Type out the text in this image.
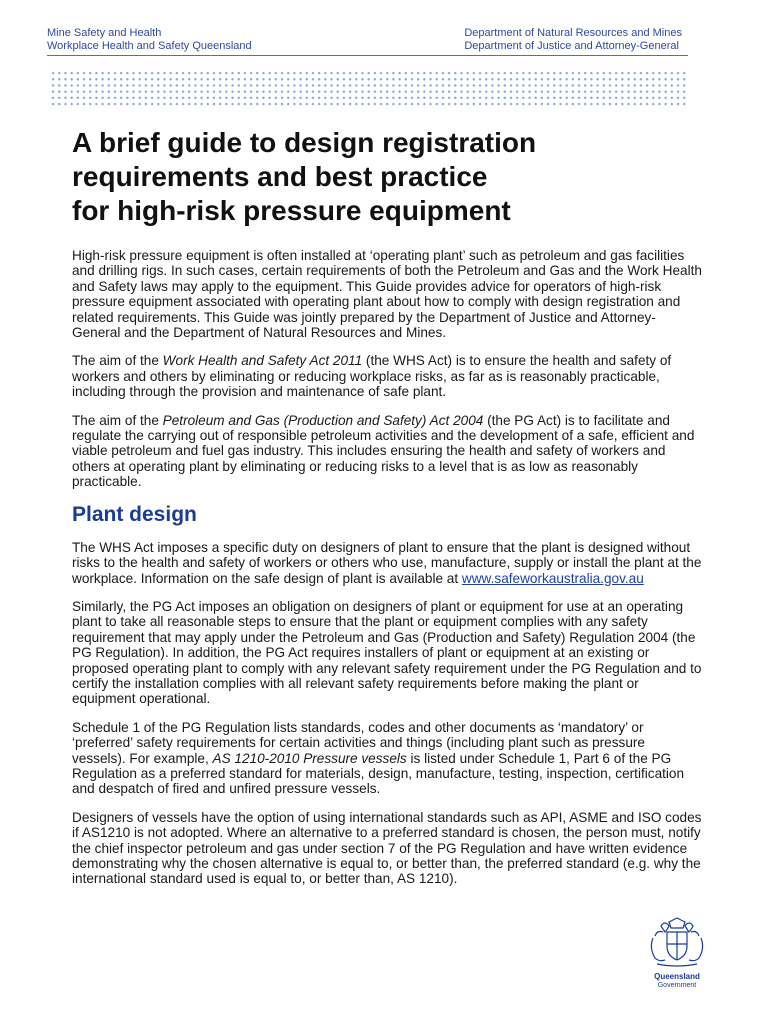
Mine Safety and Health
Workplace Health and Safety Queensland
Department of Natural Resources and Mines
Department of Justice and Attorney-General
A brief guide to design registration
requirements and best practice
for high-risk pressure equipment

High-risk pressure equipment is often installed at ‘operating plant’ such as petroleum and gas facilities and drilling rigs. In such cases, certain requirements of both the Petroleum and Gas and the Work Health and Safety laws may apply to the equipment. This Guide provides advice for operators of high-risk pressure equipment associated with operating plant about how to comply with design registration and related requirements. This Guide was jointly prepared by the Department of Justice and Attorney-General and the Department of Natural Resources and Mines.

The aim of the Work Health and Safety Act 2011 (the WHS Act) is to ensure the health and safety of workers and others by eliminating or reducing workplace risks, as far as is reasonably practicable, including through the provision and maintenance of safe plant.

The aim of the Petroleum and Gas (Production and Safety) Act 2004 (the PG Act) is to facilitate and regulate the carrying out of responsible petroleum activities and the development of a safe, efficient and viable petroleum and fuel gas industry. This includes ensuring the health and safety of workers and others at operating plant by eliminating or reducing risks to a level that is as low as reasonably practicable.

Plant design

The WHS Act imposes a specific duty on designers of plant to ensure that the plant is designed without risks to the health and safety of workers or others who use, manufacture, supply or install the plant at the workplace. Information on the safe design of plant is available at www.safeworkaustralia.gov.au

Similarly, the PG Act imposes an obligation on designers of plant or equipment for use at an operating plant to take all reasonable steps to ensure that the plant or equipment complies with any safety requirement that may apply under the Petroleum and Gas (Production and Safety) Regulation 2004 (the PG Regulation). In addition, the PG Act requires installers of plant or equipment at an existing or proposed operating plant to comply with any relevant safety requirement under the PG Regulation and to certify the installation complies with all relevant safety requirements before making the plant or equipment operational.

Schedule 1 of the PG Regulation lists standards, codes and other documents as ‘mandatory’ or ‘preferred’ safety requirements for certain activities and things (including plant such as pressure vessels). For example, AS 1210-2010 Pressure vessels is listed under Schedule 1, Part 6 of the PG Regulation as a preferred standard for materials, design, manufacture, testing, inspection, certification and despatch of fired and unfired pressure vessels.

Designers of vessels have the option of using international standards such as API, ASME and ISO codes if AS1210 is not adopted. Where an alternative to a preferred standard is chosen, the person must, notify the chief inspector petroleum and gas under section 7 of the PG Regulation and have written evidence demonstrating why the chosen alternative is equal to, or better than, the preferred standard (e.g. why the international standard used is equal to, or better than, AS 1210).

Queensland
Government
